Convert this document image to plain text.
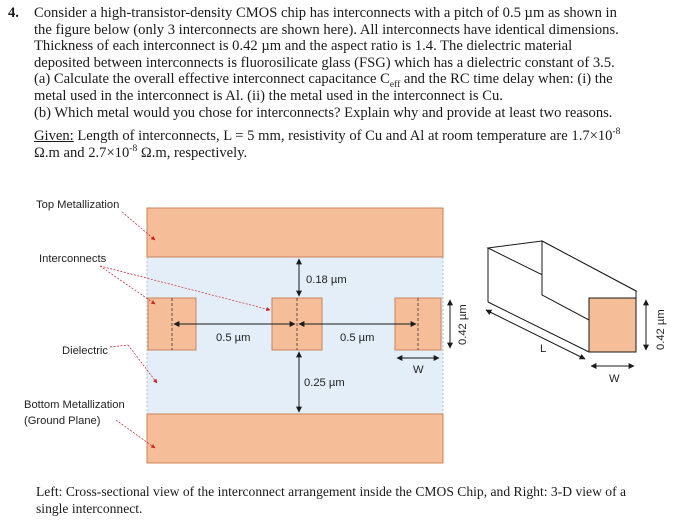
4. Consider a high-transistor-density CMOS chip has interconnects with a pitch of 0.5 µm as shown in

the figure below (only 3 interconnects are shown here). All interconnects have identical dimensions.

Thickness of each interconnect is 0.42 µm and the aspect ratio is 1.4. The dielectric material

deposited between interconnects is fluorosilicate glass (FSG) which has a dielectric constant of 3.5.

(a) Calculate the overall effective interconnect capacitance $C_{eff}$ and the RC time delay when: (i) the

metal used in the interconnect is Al. (ii) the metal used in the interconnect is Cu.

(b) Which metal would you chose for interconnects? Explain why and provide at least two reasons.

Given: Length of interconnects, L = 5 mm, resistivity of Cu and Al at room temperature are $1.7\times 10^{-8}$

Ω.m and $2.7\times 10^{-8}$ Ω.m, respectively.

0.18 µm
0.5 µm	0.5 µm
0.25 µm
W
0.42 µm
Top Metallization
Interconnects
Dielectric
Bottom Metallization
(Ground Plane)
L
W
0.42 µm
Left: Cross-sectional view of the interconnect arrangement inside the CMOS Chip, and Right: 3-D view of a
single interconnect.
